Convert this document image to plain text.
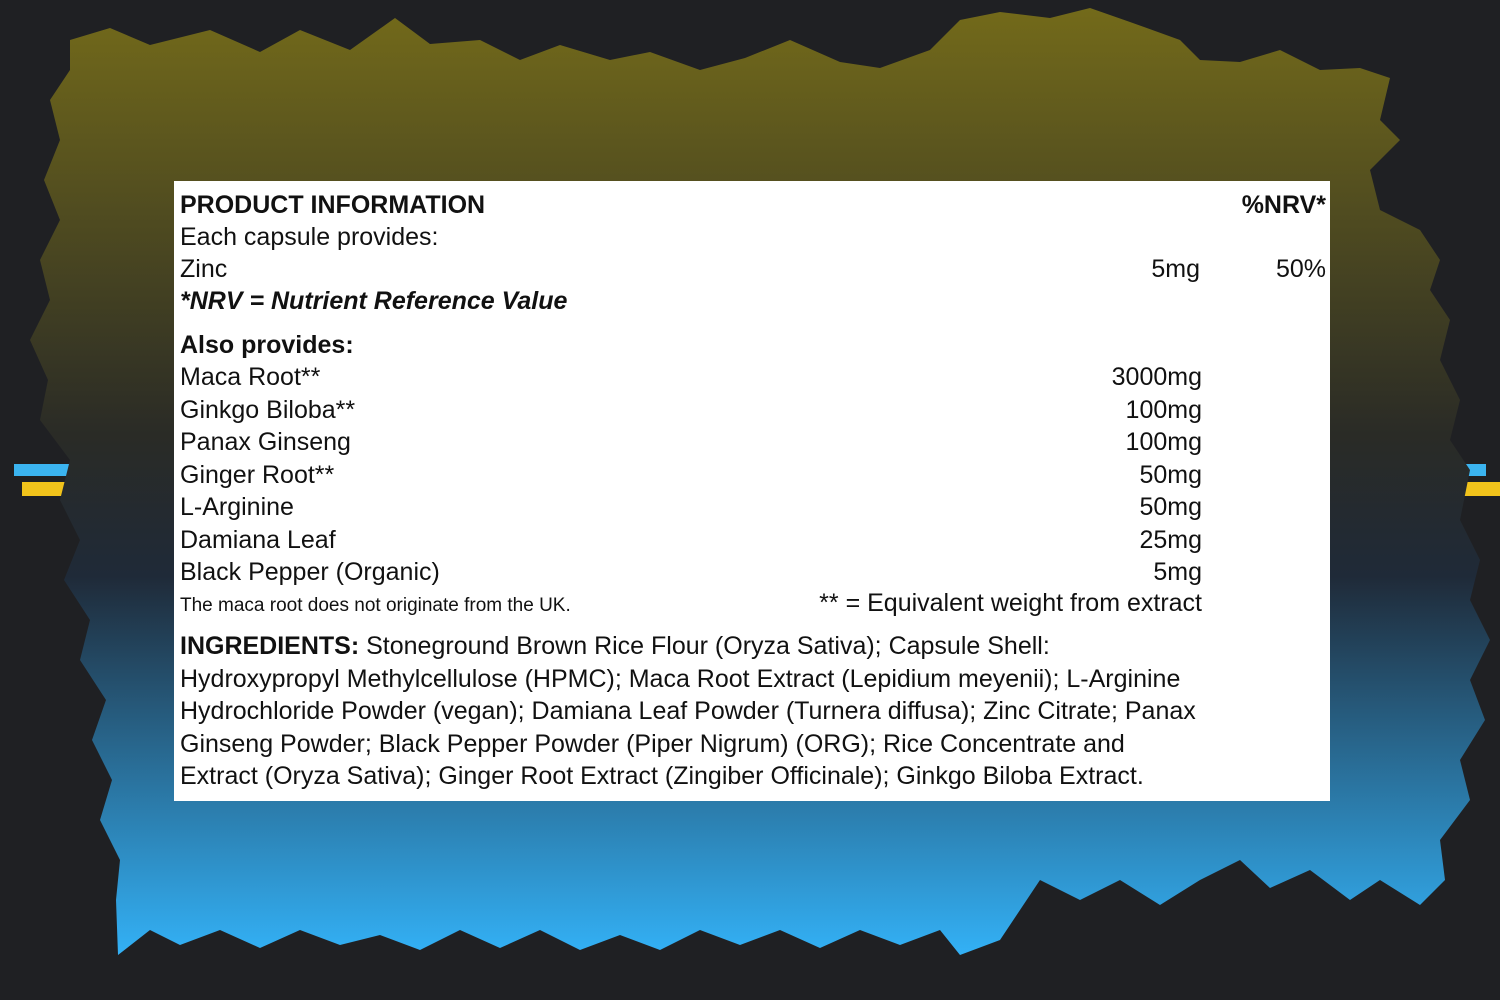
PRODUCT INFORMATION	%NRV*
Each capsule provides:
Zinc	5mg	50%
*NRV = Nutrient Reference Value
Also provides:
Maca Root**	3000mg
Ginkgo Biloba**	100mg
Panax Ginseng	100mg
Ginger Root**	50mg
L-Arginine	50mg
Damiana Leaf	25mg
Black Pepper (Organic)	5mg
The maca root does not originate from the UK.	** = Equivalent weight from extract
INGREDIENTS: Stoneground Brown Rice Flour (Oryza Sativa); Capsule Shell:
Hydroxypropyl Methylcellulose (HPMC); Maca Root Extract (Lepidium meyenii); L-Arginine
Hydrochloride Powder (vegan); Damiana Leaf Powder (Turnera diffusa); Zinc Citrate; Panax
Ginseng Powder; Black Pepper Powder (Piper Nigrum) (ORG); Rice Concentrate and
Extract (Oryza Sativa); Ginger Root Extract (Zingiber Officinale); Ginkgo Biloba Extract.
